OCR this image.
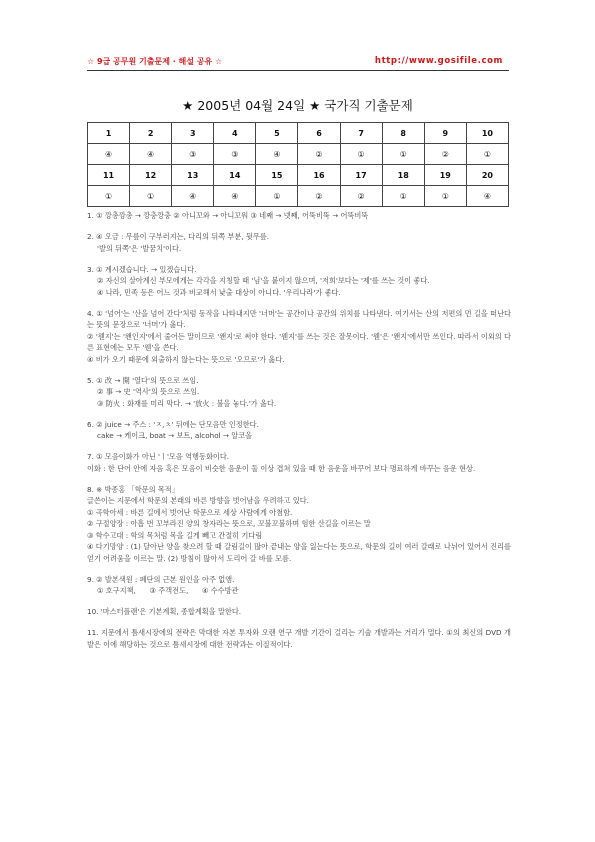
☆ 9급 공무원 기출문제 · 해설 공유 ☆	http://www.gosifile.com
★ 2005년 04월 24일 ★ 국가직 기출문제
1	2	3	4	5	6	7	8	9	10
④	④	③	③	④	②	①	①	②	①
11	12	13	14	15	16	17	18	19	20
①	①	④	④	①	②	②	①	①	④
1. ① 깡총깡총 → 깡충깡충 ② 아니꼬와 → 아니꼬워 ③ 네째 → 넷째, 어뚝비뚝 → 어뚝비뚝
2. ④ 오금 : 무릎이 구부러지는, 다리의 뒤쪽 부분, 뒷무릎.
'발의 뒤쪽'은 '발꿈치'이다.
3. ① 계시겠습니다. → 있겠습니다.
② 자신의 살아계신 부모에게는 각각을 지칭할 때 '님'을 붙이지 않으며, '저희'보다는 '제'를 쓰는 것이 좋다.
④ 나라, 민족 등은 어느 것과 비교해서 낮출 대상이 아니다. '우리나라'가 좋다.
4. ① '넘어'는 '산을 넘어 간다'처럼 동작을 나타내지만 '너머'는 공간이나 공간의 위치를 나타낸다. 여기서는 산의 저편의 먼 길을 떠난다는 뜻의 문장으로 '너머'가 옳다.
② '웬지'는 '왠인지'에서 줄어든 말이므로 '왠지'로 써야 한다. '웬지'를 쓰는 것은 잘못이다. '웬'은 '왠지'에서만 쓰인다. 따라서 이외의 다른 표현에는 모두 '웬'을 쓴다.
④ 비가 오기 때문에 외출하지 않는다는 뜻으로 '오므로'가 옳다.
5. ① 改 → 開 '열다'의 뜻으로 쓰임.
② 事 → 史 '역사'의 뜻으로 쓰임.
③ 防火 : 화재를 미리 막다. → '放火 : 불을 놓다.'가 옳다.
6. ② juice → 주스 : 'ㅈ,ㅊ' 뒤에는 단모음만 인정한다.
cake → 케이크, boat → 보트, alcohol → 알코올
7. ① 모음이화가 아닌 'ㅣ'모음 역행동화이다.
이화 : 한 단어 안에 자음 혹은 모음이 비슷한 음운이 둘 이상 겹쳐 있을 때 한 음운을 바꾸어 보다 명료하게 바꾸는 음운 현상.
8. ※ 박종홍 「학문의 목적」
글쓴이는 지문에서 학문의 본래의 바른 방향을 벗어남을 우려하고 있다.
① 곡학아세 : 바른 길에서 벗어난 학문으로 세상 사람에게 아첨함.
② 구절양장 : 아홉 번 꼬부라진 양의 창자라는 뜻으로, 꼬불꼬불하며 험한 산길을 이르는 말
③ 학수고대 : 학의 목처럼 목을 길게 빼고 간절히 기다림
④ 다기망양 : (1) 달아난 양을 찾으려 할 때 갈림길이 많아 끝내는 양을 잃는다는 뜻으로, 학문의 길이 여러 갈래로 나뉘어 있어서 진리를 얻기 어려움을 이르는 말. (2) 방침이 많아서 도리어 갈 바를 모름.
9. ② 발본색원 : 폐단의 근본 원인을 아주 없앰.
① 호구지책,      ③ 주객전도,      ④ 수수방관
10. '마스터플랜'은 기본계획, 종합계획을 말한다.
11. 지문에서 틈새시장에의 전략은 막대한 자본 투자와 오랜 연구 개발 기간이 걸리는 기술 개발과는 거리가 멀다. ①의 최신의 DVD 개발은 이에 해당하는 것으로 틈새시장에 대한 전략과는 이질적이다.
